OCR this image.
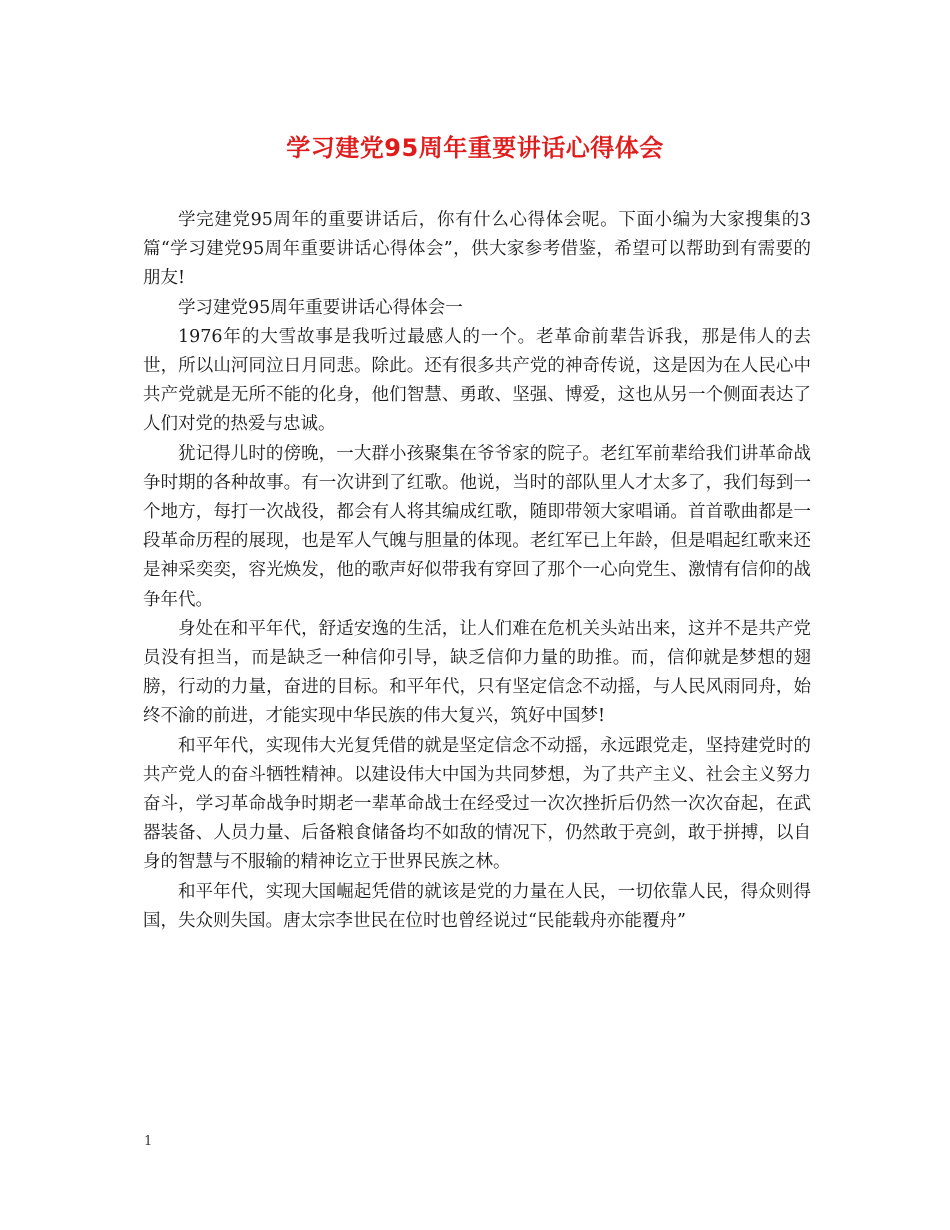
学习建党95周年重要讲话心得体会

学完建党95周年的重要讲话后，你有什么心得体会呢。下面小编为大家搜集的3篇“学习建党95周年重要讲话心得体会”，供大家参考借鉴，希望可以帮助到有需要的朋友!

学习建党95周年重要讲话心得体会一

1976年的大雪故事是我听过最感人的一个。老革命前辈告诉我，那是伟人的去世，所以山河同泣日月同悲。除此。还有很多共产党的神奇传说，这是因为在人民心中共产党就是无所不能的化身，他们智慧、勇敢、坚强、博爱，这也从另一个侧面表达了人们对党的热爱与忠诚。

犹记得儿时的傍晚，一大群小孩聚集在爷爷家的院子。老红军前辈给我们讲革命战争时期的各种故事。有一次讲到了红歌。他说，当时的部队里人才太多了，我们每到一个地方，每打一次战役，都会有人将其编成红歌，随即带领大家唱诵。首首歌曲都是一段革命历程的展现，也是军人气魄与胆量的体现。老红军已上年龄，但是唱起红歌来还是神采奕奕，容光焕发，他的歌声好似带我有穿回了那个一心向党生、激情有信仰的战争年代。

身处在和平年代，舒适安逸的生活，让人们难在危机关头站出来，这并不是共产党员没有担当，而是缺乏一种信仰引导，缺乏信仰力量的助推。而，信仰就是梦想的翅膀，行动的力量，奋进的目标。和平年代，只有坚定信念不动摇，与人民风雨同舟，始终不渝的前进，才能实现中华民族的伟大复兴，筑好中国梦!

和平年代，实现伟大光复凭借的就是坚定信念不动摇，永远跟党走，坚持建党时的共产党人的奋斗牺牲精神。以建设伟大中国为共同梦想，为了共产主义、社会主义努力奋斗，学习革命战争时期老一辈革命战士在经受过一次次挫折后仍然一次次奋起，在武器装备、人员力量、后备粮食储备均不如敌的情况下，仍然敢于亮剑，敢于拼搏，以自身的智慧与不服输的精神讫立于世界民族之林。

和平年代，实现大国崛起凭借的就该是党的力量在人民，一切依靠人民，得众则得国，失众则失国。唐太宗李世民在位时也曾经说过“民能载舟亦能覆舟”

1
